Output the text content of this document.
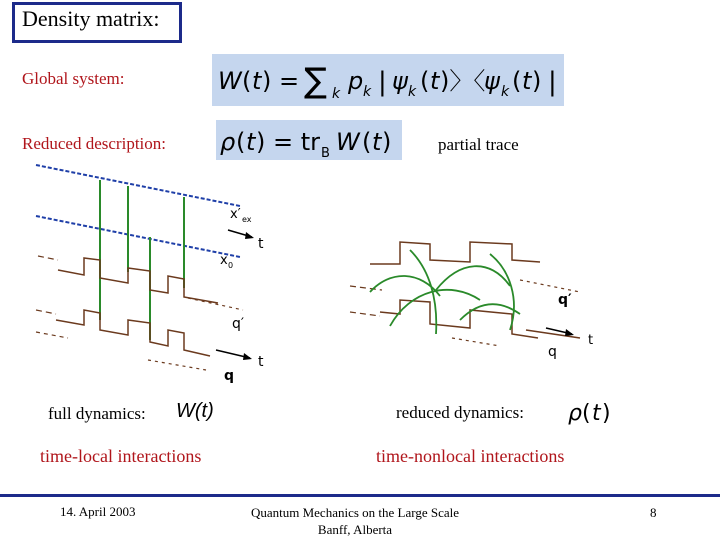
Density matrix:
Global system:
Reduced description:
W ( t ) = ∑ k p k | ψ k ( t )〉〈
ψ k ( t ) |
ρ ( t ) = tr B W ( t )	partial trace
x′ ex
t
x 0
q′
t
q
q′
q
t
full dynamics: W(t)	reduced dynamics: ρ ( t )
time-local interactions	time-nonlocal interactions
14. April 2003	Quantum Mechanics on the Large Scale
Banff, Alberta
8
